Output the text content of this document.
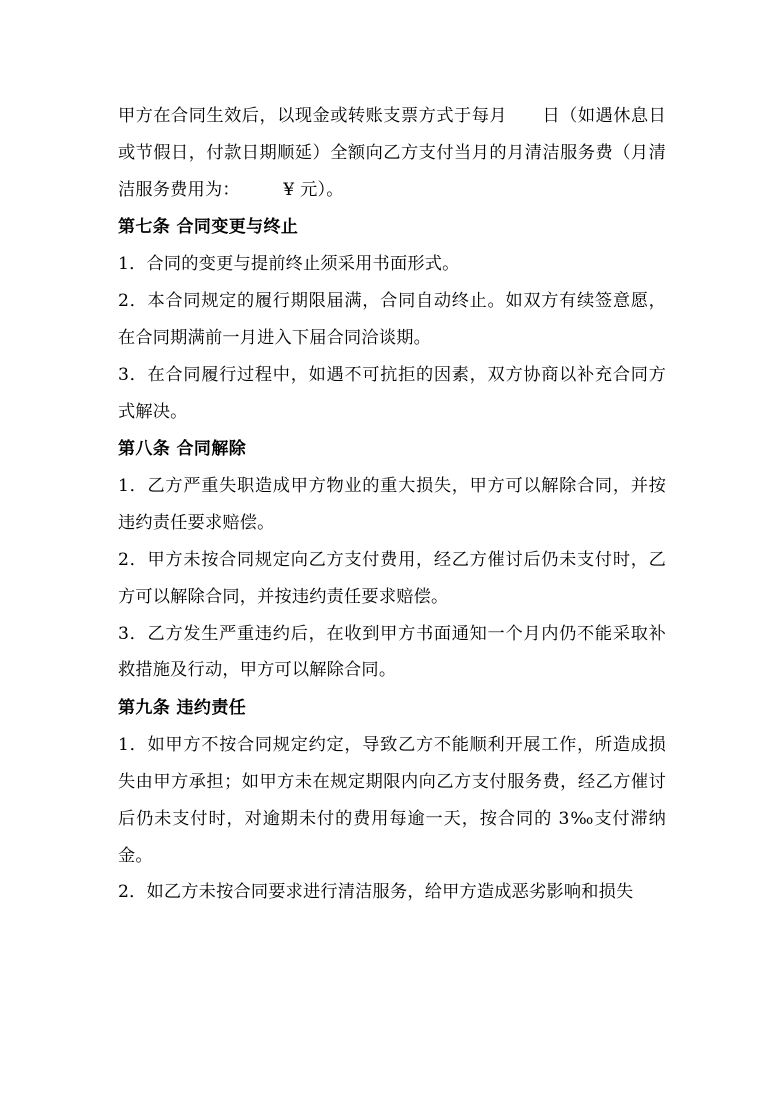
甲方在合同生效后，以现金或转账支票方式于每月　　日（如遇休息日或节假日，付款日期顺延）全额向乙方支付当月的月清洁服务费（月清洁服务费用为：　　　¥ 元）。

第七条 合同变更与终止

1．合同的变更与提前终止须采用书面形式。

2．本合同规定的履行期限届满，合同自动终止。如双方有续签意愿，在合同期满前一月进入下届合同洽谈期。

3．在合同履行过程中，如遇不可抗拒的因素，双方协商以补充合同方式解决。

第八条 合同解除

1．乙方严重失职造成甲方物业的重大损失，甲方可以解除合同，并按违约责任要求赔偿。

2．甲方未按合同规定向乙方支付费用，经乙方催讨后仍未支付时，乙方可以解除合同，并按违约责任要求赔偿。

3．乙方发生严重违约后，在收到甲方书面通知一个月内仍不能采取补救措施及行动，甲方可以解除合同。

第九条 违约责任

1．如甲方不按合同规定约定，导致乙方不能顺利开展工作，所造成损失由甲方承担；如甲方未在规定期限内向乙方支付服务费，经乙方催讨后仍未支付时，对逾期未付的费用每逾一天，按合同的 3‰支付滞纳金。

2．如乙方未按合同要求进行清洁服务，给甲方造成恶劣影响和损失
